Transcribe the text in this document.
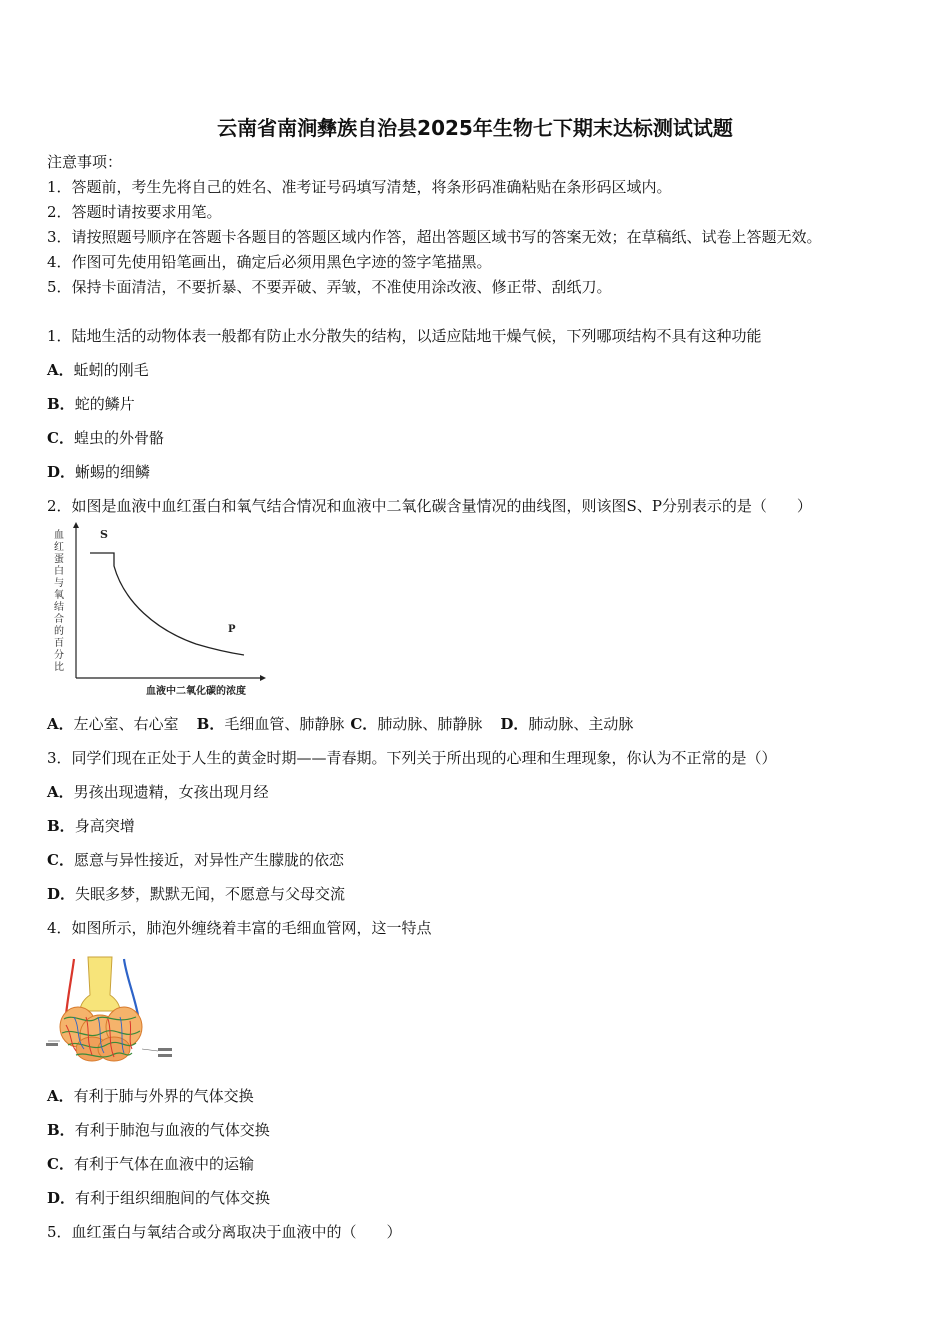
云南省南涧彝族自治县2025年生物七下期末达标测试试题
注意事项：
1．答题前，考生先将自己的姓名、准考证号码填写清楚，将条形码准确粘贴在条形码区域内。
2．答题时请按要求用笔。
3．请按照题号顺序在答题卡各题目的答题区域内作答，超出答题区域书写的答案无效；在草稿纸、试卷上答题无效。
4．作图可先使用铅笔画出，确定后必须用黑色字迹的签字笔描黑。
5．保持卡面清洁，不要折暴、不要弄破、弄皱，不准使用涂改液、修正带、刮纸刀。
1．陆地生活的动物体表一般都有防止水分散失的结构，以适应陆地干燥气候，下列哪项结构不具有这种功能
A．蚯蚓的刚毛
B．蛇的鳞片
C．蝗虫的外骨骼
D．蜥蜴的细鳞
2．如图是血液中血红蛋白和氧气结合情况和血液中二氧化碳含量情况的曲线图，则该图S、P分别表示的是（　　）
血红蛋白与氧结合的百分比
S
P
血液中二氧化碳的浓度
A．左心室、右心室 B．毛细血管、肺静脉 C．肺动脉、肺静脉 D．肺动脉、主动脉
3．同学们现在正处于人生的黄金时期——青春期。下列关于所出现的心理和生理现象，你认为不正常的是（）
A．男孩出现遗精，女孩出现月经
B．身高突增
C．愿意与异性接近，对异性产生朦胧的依恋
D．失眠多梦，默默无闻，不愿意与父母交流
4．如图所示，肺泡外缠绕着丰富的毛细血管网，这一特点
A．有利于肺与外界的气体交换
B．有利于肺泡与血液的气体交换
C．有利于气体在血液中的运输
D．有利于组织细胞间的气体交换
5．血红蛋白与氧结合或分离取决于血液中的（　　）
